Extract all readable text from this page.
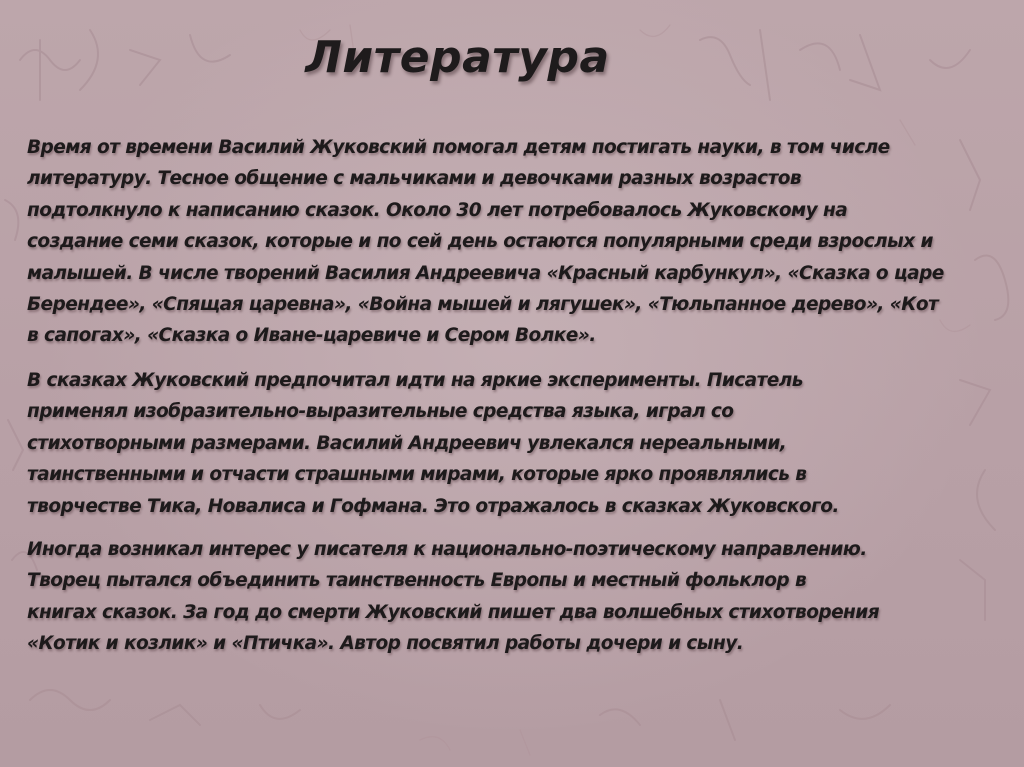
Литература

Время от времени Василий Жуковский помогал детям постигать науки, в том числе
литературу. Тесное общение с мальчиками и девочками разных возрастов
подтолкнуло к написанию сказок. Около 30 лет потребовалось Жуковскому на
создание семи сказок, которые и по сей день остаются популярными среди взрослых и
малышей. В числе творений Василия Андреевича «Красный карбункул», «Сказка о царе
Берендее», «Спящая царевна», «Война мышей и лягушек», «Тюльпанное дерево», «Кот
в сапогах», «Сказка о Иване-царевиче и Сером Волке».

В сказках Жуковский предпочитал идти на яркие эксперименты. Писатель
применял изобразительно-выразительные средства языка, играл со
стихотворными размерами. Василий Андреевич увлекался нереальными,
таинственными и отчасти страшными мирами, которые ярко проявлялись в
творчестве Тика, Новалиса и Гофмана. Это отражалось в сказках Жуковского.

Иногда возникал интерес у писателя к национально-поэтическому направлению.
Творец пытался объединить таинственность Европы и местный фольклор в
книгах сказок. За год до смерти Жуковский пишет два волшебных стихотворения
«Котик и козлик» и «Птичка». Автор посвятил работы дочери и сыну.
